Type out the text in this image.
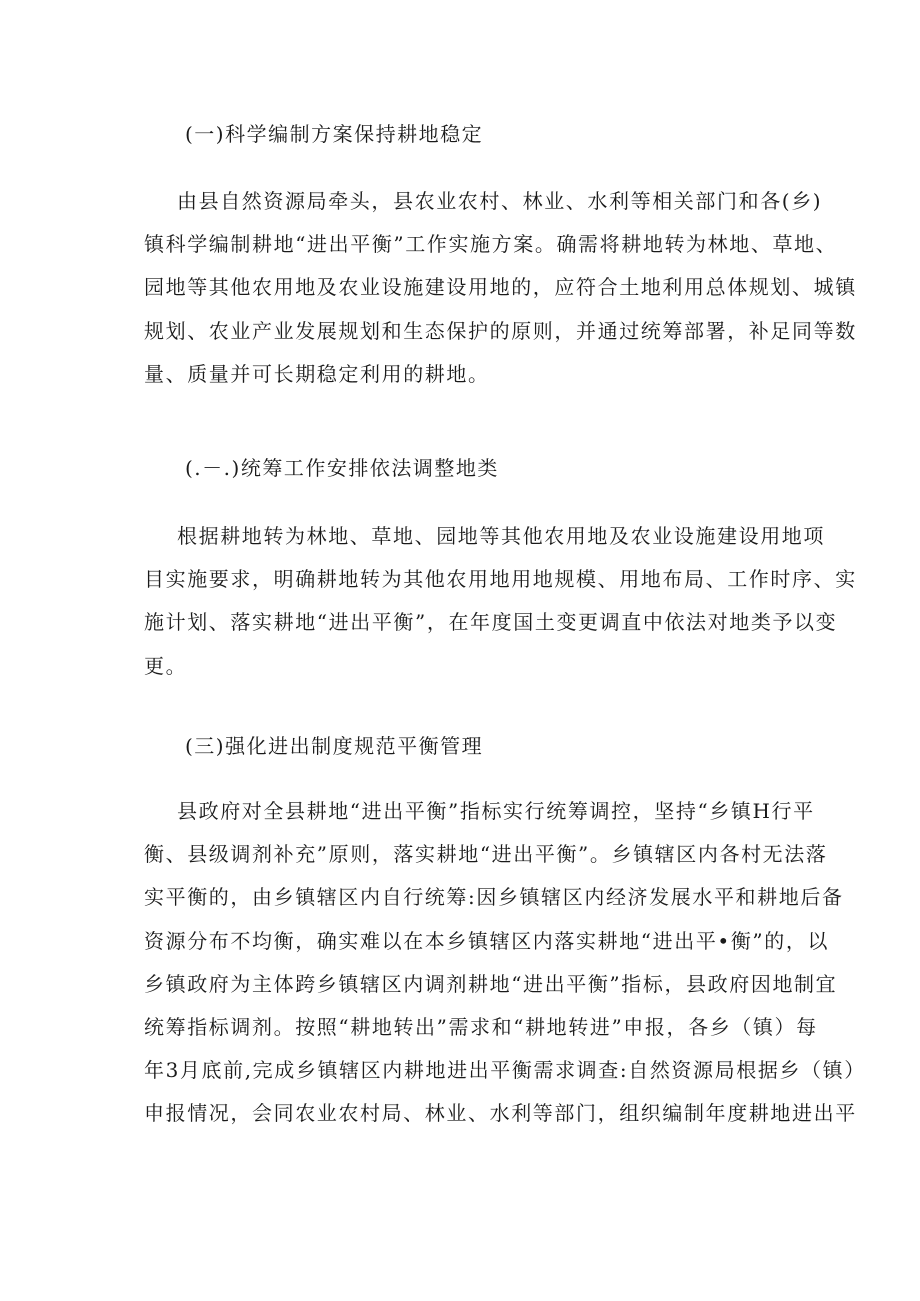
(一)科学编制方案保持耕地稳定
由县自然资源局牵头，县农业农村、林业、水利等相关部门和各(乡)
镇科学编制耕地“进出平衡”工作实施方案。确需将耕地转为林地、草地、
园地等其他农用地及农业设施建设用地的，应符合土地利用总体规划、城镇
规划、农业产业发展规划和生态保护的原则，并通过统筹部署，补足同等数
量、质量并可长期稳定利用的耕地。
(.－.)统筹工作安排依法调整地类
根据耕地转为林地、草地、园地等其他农用地及农业设施建设用地项
目实施要求，明确耕地转为其他农用地用地规模、用地布局、工作时序、实
施计划、落实耕地“进出平衡”，在年度国土变更调直中依法对地类予以变
更。
(三)强化进出制度规范平衡管理
县政府对全县耕地“进出平衡”指标实行统筹调控，坚持“乡镇H行平
衡、县级调剂补充”原则，落实耕地“进出平衡”。乡镇辖区内各村无法落
实平衡的，由乡镇辖区内自行统筹:因乡镇辖区内经济发展水平和耕地后备
资源分布不均衡，确实难以在本乡镇辖区内落实耕地“进出平•衡”的，以
乡镇政府为主体跨乡镇辖区内调剂耕地“进出平衡”指标，县政府因地制宜
统筹指标调剂。按照“耕地转出”需求和“耕地转进”申报，各乡（镇）每
年3月底前,完成乡镇辖区内耕地进出平衡需求调查:自然资源局根据乡（镇）
申报情况，会同农业农村局、林业、水利等部门，组织编制年度耕地进出平
